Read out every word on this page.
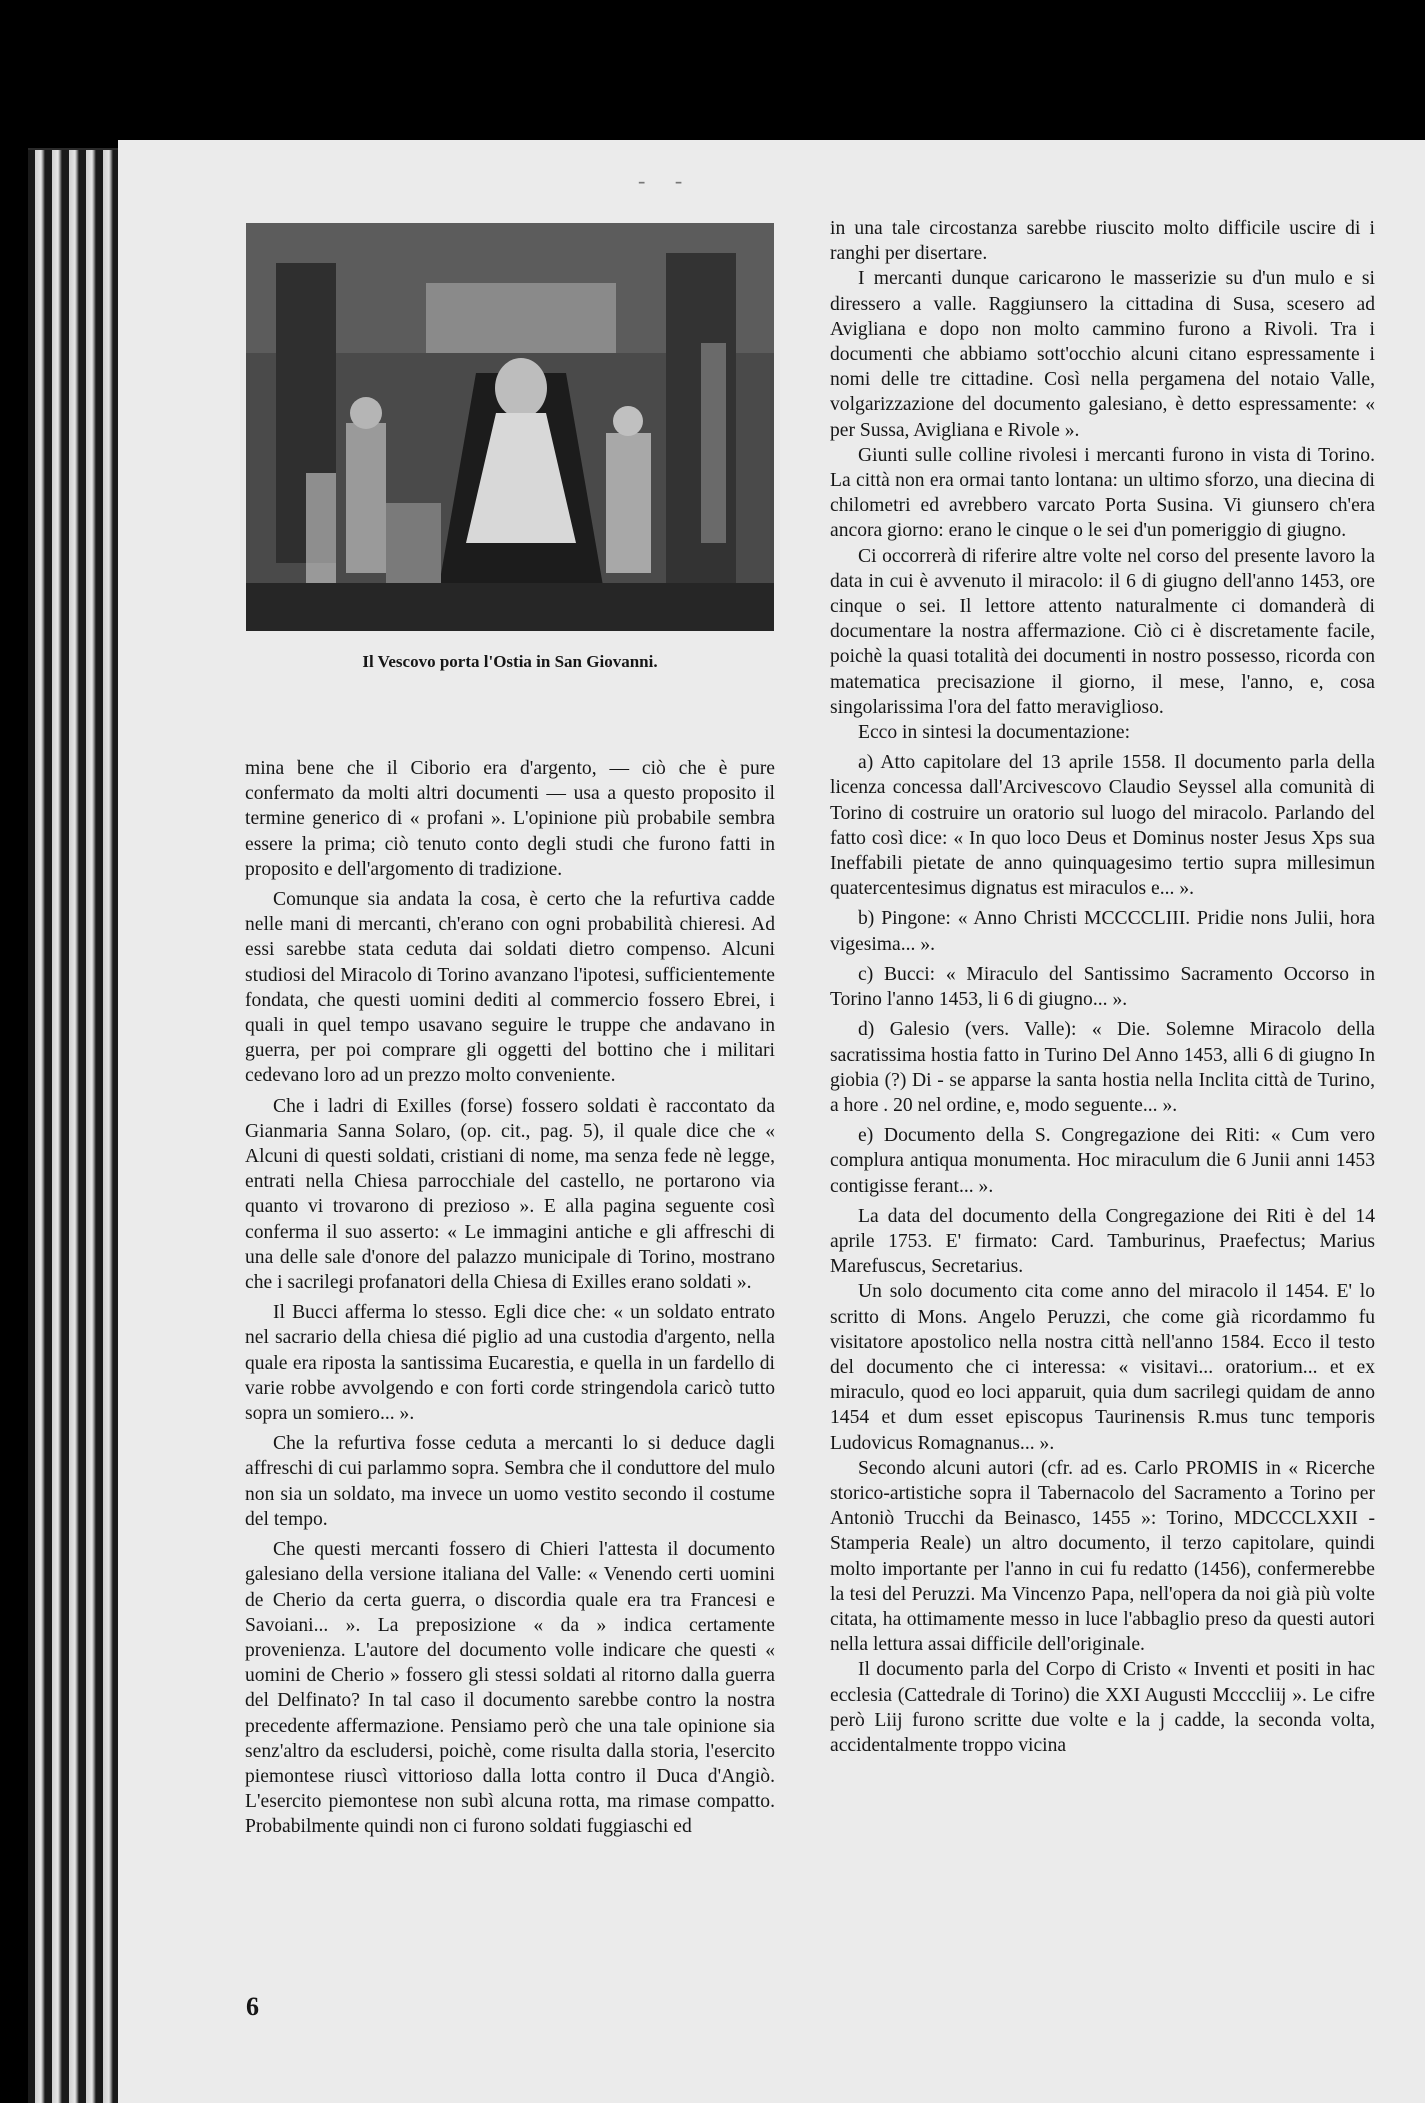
- -
Il Vescovo porta l'Ostia in San Giovanni.

mina bene che il Ciborio era d'argento, — ciò che è pure confermato da molti altri documenti — usa a questo proposito il termine generico di « profani ». L'opinione più probabile sembra essere la prima; ciò tenuto conto degli studi che furono fatti in proposito e dell'argomento di tradizione.

Comunque sia andata la cosa, è certo che la refurtiva cadde nelle mani di mercanti, ch'erano con ogni probabilità chieresi. Ad essi sarebbe stata ceduta dai soldati dietro compenso. Alcuni studiosi del Miracolo di Torino avanzano l'ipotesi, sufficientemente fondata, che questi uomini dediti al commercio fossero Ebrei, i quali in quel tempo usavano seguire le truppe che andavano in guerra, per poi comprare gli oggetti del bottino che i militari cedevano loro ad un prezzo molto conveniente.

Che i ladri di Exilles (forse) fossero soldati è raccontato da Gianmaria Sanna Solaro, (op. cit., pag. 5), il quale dice che « Alcuni di questi soldati, cristiani di nome, ma senza fede nè legge, entrati nella Chiesa parrocchiale del castello, ne portarono via quanto vi trovarono di prezioso ». E alla pagina seguente così conferma il suo asserto: « Le immagini antiche e gli affreschi di una delle sale d'onore del palazzo municipale di Torino, mostrano che i sacrilegi profanatori della Chiesa di Exilles erano soldati ».

Il Bucci afferma lo stesso. Egli dice che: « un soldato entrato nel sacrario della chiesa dié piglio ad una custodia d'argento, nella quale era riposta la santissima Eucarestia, e quella in un fardello di varie robbe avvolgendo e con forti corde stringendola caricò tutto sopra un somiero... ».

Che la refurtiva fosse ceduta a mercanti lo si deduce dagli affreschi di cui parlammo sopra. Sembra che il conduttore del mulo non sia un soldato, ma invece un uomo vestito secondo il costume del tempo.

Che questi mercanti fossero di Chieri l'attesta il documento galesiano della versione italiana del Valle: « Venendo certi uomini de Cherio da certa guerra, o discordia quale era tra Francesi e Savoiani... ». La preposizione « da » indica certamente provenienza. L'autore del documento volle indicare che questi « uomini de Cherio » fossero gli stessi soldati al ritorno dalla guerra del Delfinato? In tal caso il documento sarebbe contro la nostra precedente affermazione. Pensiamo però che una tale opinione sia senz'altro da escludersi, poichè, come risulta dalla storia, l'esercito piemontese riuscì vittorioso dalla lotta contro il Duca d'Angiò. L'esercito piemontese non subì alcuna rotta, ma rimase compatto. Probabilmente quindi non ci furono soldati fuggiaschi ed

in una tale circostanza sarebbe riuscito molto difficile uscire di i ranghi per disertare.

I mercanti dunque caricarono le masserizie su d'un mulo e si diressero a valle. Raggiunsero la cittadina di Susa, scesero ad Avigliana e dopo non molto cammino furono a Rivoli. Tra i documenti che abbiamo sott'occhio alcuni citano espressamente i nomi delle tre cittadine. Così nella pergamena del notaio Valle, volgarizzazione del documento galesiano, è detto espressamente: « per Sussa, Avigliana e Rivole ».

Giunti sulle colline rivolesi i mercanti furono in vista di Torino. La città non era ormai tanto lontana: un ultimo sforzo, una diecina di chilometri ed avrebbero varcato Porta Susina. Vi giunsero ch'era ancora giorno: erano le cinque o le sei d'un pomeriggio di giugno.

Ci occorrerà di riferire altre volte nel corso del presente lavoro la data in cui è avvenuto il miracolo: il 6 di giugno dell'anno 1453, ore cinque o sei. Il lettore attento naturalmente ci domanderà di documentare la nostra affermazione. Ciò ci è discretamente facile, poichè la quasi totalità dei documenti in nostro possesso, ricorda con matematica precisazione il giorno, il mese, l'anno, e, cosa singolarissima l'ora del fatto meraviglioso.

Ecco in sintesi la documentazione:

a) Atto capitolare del 13 aprile 1558. Il documento parla della licenza concessa dall'Arcivescovo Claudio Seyssel alla comunità di Torino di costruire un oratorio sul luogo del miracolo. Parlando del fatto così dice: « In quo loco Deus et Dominus noster Jesus Xps sua Ineffabili pietate de anno quinquagesimo tertio supra millesimun quatercentesimus dignatus est miraculos e... ».

b) Pingone: « Anno Christi MCCCCLIII. Pridie nons Julii, hora vigesima... ».

c) Bucci: « Miraculo del Santissimo Sacramento Occorso in Torino l'anno 1453, li 6 di giugno... ».

d) Galesio (vers. Valle): « Die. Solemne Miracolo della sacratissima hostia fatto in Turino Del Anno 1453, alli 6 di giugno In giobia (?) Di - se apparse la santa hostia nella Inclita città de Turino, a hore . 20 nel ordine, e, modo seguente... ».

e) Documento della S. Congregazione dei Riti: « Cum vero complura antiqua monumenta. Hoc miraculum die 6 Junii anni 1453 contigisse ferant... ».

La data del documento della Congregazione dei Riti è del 14 aprile 1753. E' firmato: Card. Tamburinus, Praefectus; Marius Marefuscus, Secretarius.

Un solo documento cita come anno del miracolo il 1454. E' lo scritto di Mons. Angelo Peruzzi, che come già ricordammo fu visitatore apostolico nella nostra città nell'anno 1584. Ecco il testo del documento che ci interessa: « visitavi... oratorium... et ex miraculo, quod eo loci apparuit, quia dum sacrilegi quidam de anno 1454 et dum esset episcopus Taurinensis R.mus tunc temporis Ludovicus Romagnanus... ».

Secondo alcuni autori (cfr. ad es. Carlo PROMIS in « Ricerche storico-artistiche sopra il Tabernacolo del Sacramento a Torino per Antoniò Trucchi da Beinasco, 1455 »: Torino, MDCCCLXXII - Stamperia Reale) un altro documento, il terzo capitolare, quindi molto importante per l'anno in cui fu redatto (1456), confermerebbe la tesi del Peruzzi. Ma Vincenzo Papa, nell'opera da noi già più volte citata, ha ottimamente messo in luce l'abbaglio preso da questi autori nella lettura assai difficile dell'originale.

Il documento parla del Corpo di Cristo « Inventi et positi in hac ecclesia (Cattedrale di Torino) die XXI Augusti Mccccliij ». Le cifre però Liij furono scritte due volte e la j cadde, la seconda volta, accidentalmente troppo vicina

6
